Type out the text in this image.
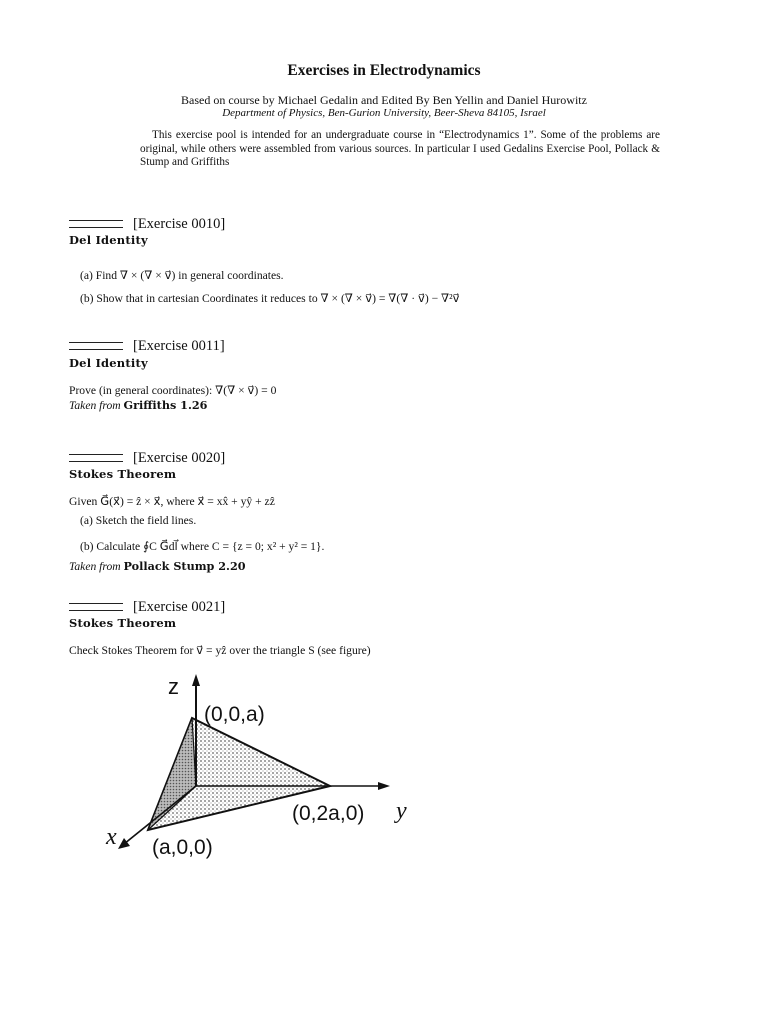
Exercises in Electrodynamics
Based on course by Michael Gedalin and Edited By Ben Yellin and Daniel Hurowitz
Department of Physics, Ben-Gurion University, Beer-Sheva 84105, Israel
This exercise pool is intended for an undergraduate course in “Electrodynamics 1”. Some of the problems are original, while others were assembled from various sources. In particular I used Gedalins Exercise Pool, Pollack & Stump and Griffiths
[Exercise 0010]
Del Identity
(a) Find ∇ × (∇ × v⃗) in general coordinates.
(b) Show that in cartesian Coordinates it reduces to ∇ × (∇ × v⃗) = ∇(∇ · v⃗) − ∇²v⃗
[Exercise 0011]
Del Identity
Prove (in general coordinates): ∇(∇ × v⃗) = 0
Taken from Griffiths 1.26
[Exercise 0020]
Stokes Theorem
Given G⃗(x⃗) = ẑ × x⃗, where x⃗ = xx̂ + yŷ + zẑ
(a) Sketch the field lines.
(b) Calculate ∮C G⃗dl⃗ where C = {z = 0; x² + y² = 1}.
Taken from Pollack Stump 2.20
[Exercise 0021]
Stokes Theorem
Check Stokes Theorem for v⃗ = yẑ over the triangle S (see figure)
z
(0,0,a)
y
(0,2a,0)
x (a,0,0)
